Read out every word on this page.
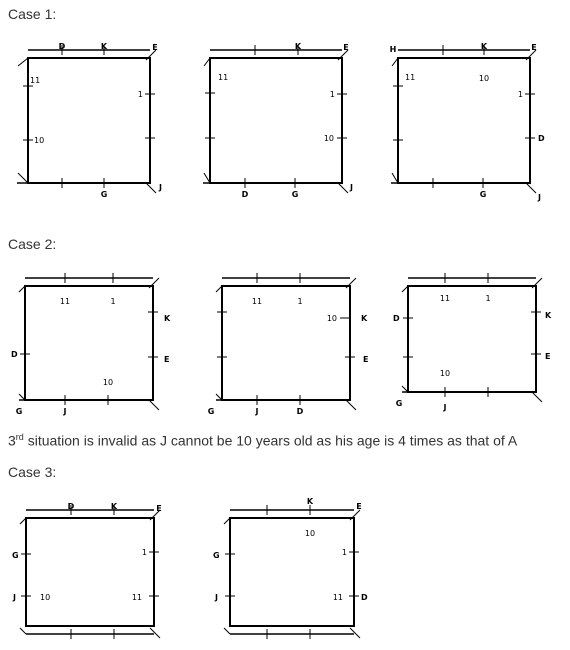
Case 1:

Case 2:

Case 3:

3rd situation is invalid as J cannot be 10 years old as his age is 4 times as that of A

D	K	E
11
1
10
G
J
K	E
11
1
10
D	G
J
H	K	E
11	10
1
D
G	J
11	1
K
D
E
10
G	J
11	1
10	K
E
G	J	D
11	1
D	K
E
10
G	J
D	K	E
G	1
J	10	11
K
E
10
G	1
J	11 D
